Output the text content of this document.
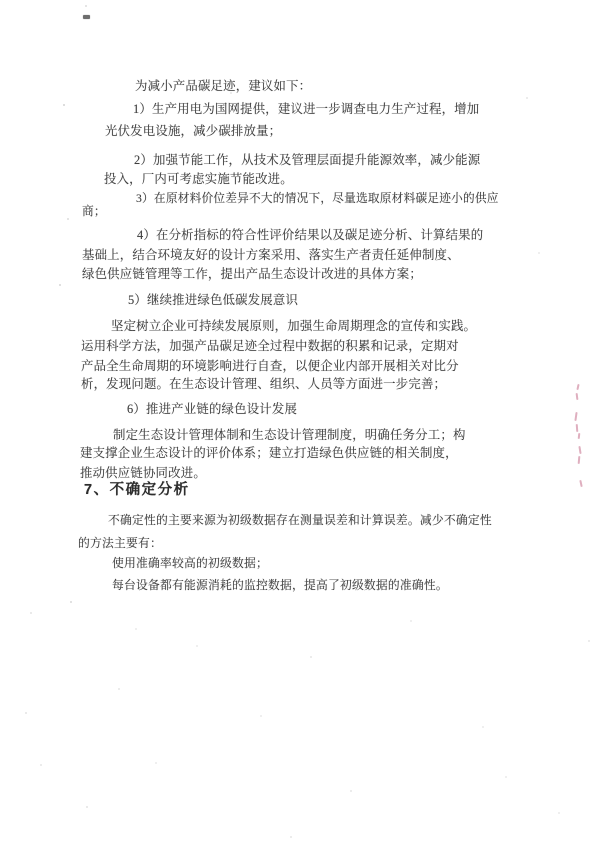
为减小产品碳足迹，建议如下：
1）生产用电为国网提供，建议进一步调查电力生产过程，增加
光伏发电设施，减少碳排放量；
2）加强节能工作，从技术及管理层面提升能源效率，减少能源
投入，厂内可考虑实施节能改进。
3）在原材料价位差异不大的情况下，尽量选取原材料碳足迹小的供应
商；
4）在分析指标的符合性评价结果以及碳足迹分析、计算结果的
基础上，结合环境友好的设计方案采用、落实生产者责任延伸制度、
绿色供应链管理等工作，提出产品生态设计改进的具体方案；
5）继续推进绿色低碳发展意识
坚定树立企业可持续发展原则，加强生命周期理念的宣传和实践。
运用科学方法，加强产品碳足迹全过程中数据的积累和记录，定期对
产品全生命周期的环境影响进行自查，以便企业内部开展相关对比分
析，发现问题。在生态设计管理、组织、人员等方面进一步完善；
6）推进产业链的绿色设计发展
制定生态设计管理体制和生态设计管理制度，明确任务分工；构
建支撑企业生态设计的评价体系；建立打造绿色供应链的相关制度，
推动供应链协同改进。
7、不确定分析
不确定性的主要来源为初级数据存在测量误差和计算误差。减少不确定性
的方法主要有：
使用准确率较高的初级数据；
每台设备都有能源消耗的监控数据，提高了初级数据的准确性。
